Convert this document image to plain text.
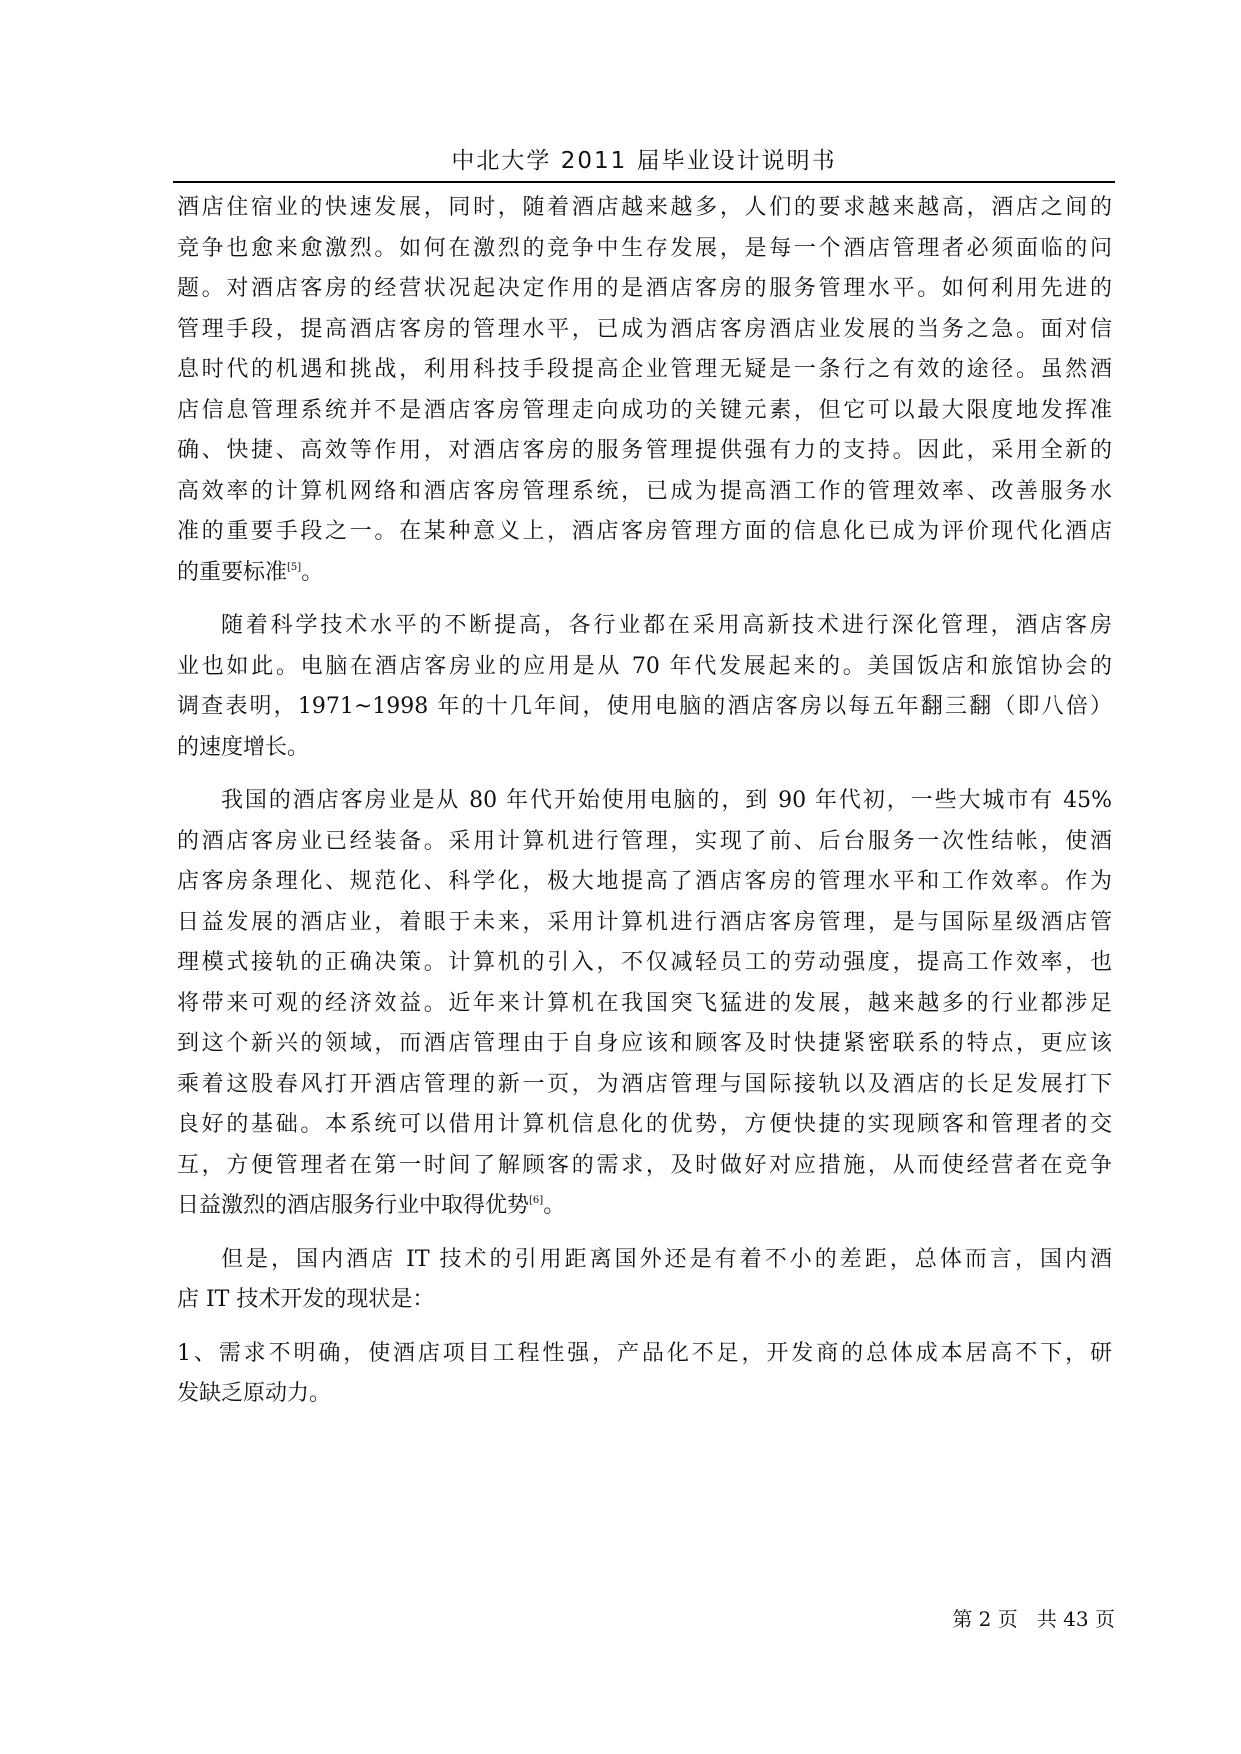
中北大学 2011 届毕业设计说明书
酒店住宿业的快速发展，同时，随着酒店越来越多，人们的要求越来越高，酒店之间的
竞争也愈来愈激烈。如何在激烈的竞争中生存发展，是每一个酒店管理者必须面临的问
题。对酒店客房的经营状况起决定作用的是酒店客房的服务管理水平。如何利用先进的
管理手段，提高酒店客房的管理水平，已成为酒店客房酒店业发展的当务之急。面对信
息时代的机遇和挑战，利用科技手段提高企业管理无疑是一条行之有效的途径。虽然酒
店信息管理系统并不是酒店客房管理走向成功的关键元素，但它可以最大限度地发挥准
确、快捷、高效等作用，对酒店客房的服务管理提供强有力的支持。因此，采用全新的
高效率的计算机网络和酒店客房管理系统，已成为提高酒工作的管理效率、改善服务水
准的重要手段之一。在某种意义上，酒店客房管理方面的信息化已成为评价现代化酒店
的重要标准[5]。
随着科学技术水平的不断提高，各行业都在采用高新技术进行深化管理，酒店客房
业也如此。电脑在酒店客房业的应用是从 70 年代发展起来的。美国饭店和旅馆协会的
调查表明，1971~1998 年的十几年间，使用电脑的酒店客房以每五年翻三翻（即八倍）
的速度增长。
我国的酒店客房业是从 80 年代开始使用电脑的，到 90 年代初，一些大城市有 45%
的酒店客房业已经装备。采用计算机进行管理，实现了前、后台服务一次性结帐，使酒
店客房条理化、规范化、科学化，极大地提高了酒店客房的管理水平和工作效率。作为
日益发展的酒店业，着眼于未来，采用计算机进行酒店客房管理，是与国际星级酒店管
理模式接轨的正确决策。计算机的引入，不仅减轻员工的劳动强度，提高工作效率，也
将带来可观的经济效益。近年来计算机在我国突飞猛进的发展，越来越多的行业都涉足
到这个新兴的领域，而酒店管理由于自身应该和顾客及时快捷紧密联系的特点，更应该
乘着这股春风打开酒店管理的新一页，为酒店管理与国际接轨以及酒店的长足发展打下
良好的基础。本系统可以借用计算机信息化的优势，方便快捷的实现顾客和管理者的交
互，方便管理者在第一时间了解顾客的需求，及时做好对应措施，从而使经营者在竞争
日益激烈的酒店服务行业中取得优势[6]。
但是，国内酒店 IT 技术的引用距离国外还是有着不小的差距，总体而言，国内酒
店 IT 技术开发的现状是：
1、需求不明确，使酒店项目工程性强，产品化不足，开发商的总体成本居高不下，研
发缺乏原动力。
第 2 页   共 43 页
